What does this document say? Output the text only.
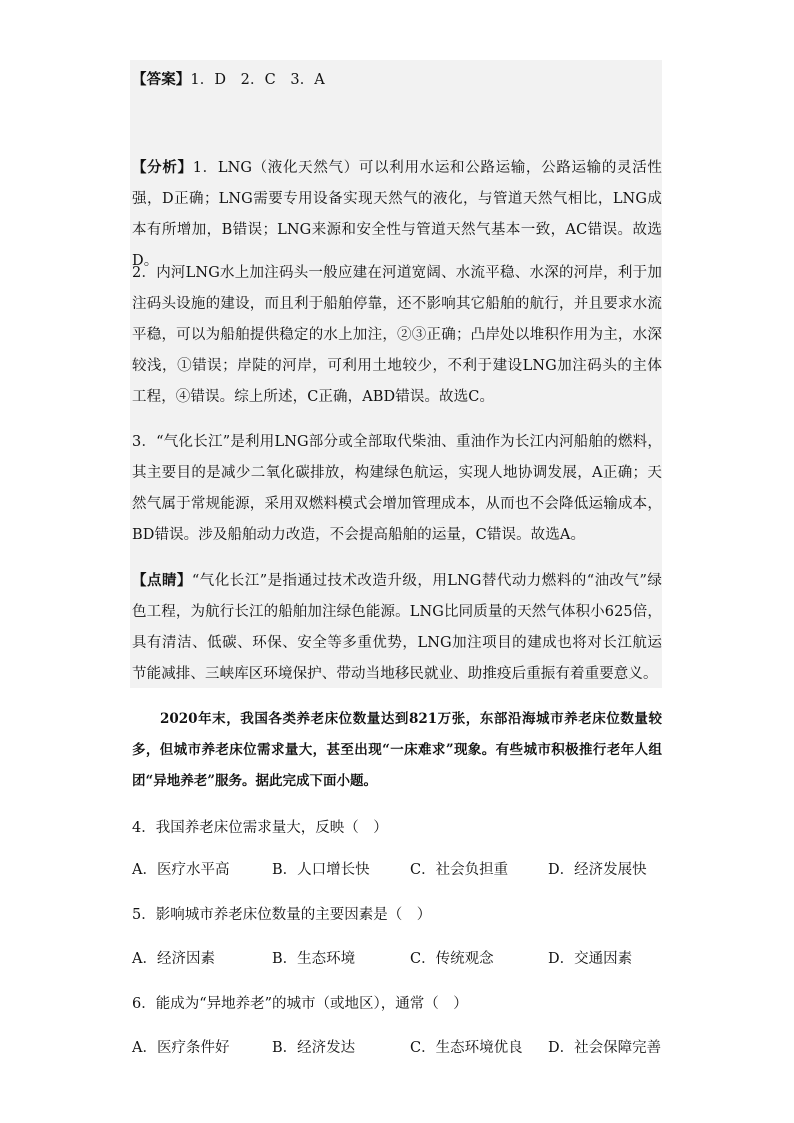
【答案】1．D　2．C　3．A

【分析】1．LNG（液化天然气）可以利用水运和公路运输，公路运输的灵活性强，D正确；LNG需要专用设备实现天然气的液化，与管道天然气相比，LNG成本有所增加，B错误；LNG来源和安全性与管道天然气基本一致，AC错误。故选D。

2．内河LNG水上加注码头一般应建在河道宽阔、水流平稳、水深的河岸，利于加注码头设施的建设，而且利于船舶停靠，还不影响其它船舶的航行，并且要求水流平稳，可以为船舶提供稳定的水上加注，②③正确；凸岸处以堆积作用为主，水深较浅，①错误；岸陡的河岸，可利用土地较少，不利于建设LNG加注码头的主体工程，④错误。综上所述，C正确，ABD错误。故选C。

3．“气化长江”是利用LNG部分或全部取代柴油、重油作为长江内河船舶的燃料，其主要目的是减少二氧化碳排放，构建绿色航运，实现人地协调发展，A正确；天然气属于常规能源，采用双燃料模式会增加管理成本，从而也不会降低运输成本，BD错误。涉及船舶动力改造，不会提高船舶的运量，C错误。故选A。

【点睛】“气化长江”是指通过技术改造升级，用LNG替代动力燃料的“油改气”绿色工程，为航行长江的船舶加注绿色能源。LNG比同质量的天然气体积小625倍，具有清洁、低碳、环保、安全等多重优势，LNG加注项目的建成也将对长江航运节能减排、三峡库区环境保护、带动当地移民就业、助推疫后重振有着重要意义。

2020年末，我国各类养老床位数量达到821万张，东部沿海城市养老床位数量较多，但城市养老床位需求量大，甚至出现“一床难求”现象。有些城市积极推行老年人组团“异地养老”服务。据此完成下面小题。
4．我国养老床位需求量大，反映（　）
A．医疗水平高	B．人口增长快	C．社会负担重	D．经济发展快
5．影响城市养老床位数量的主要因素是（　）
A．经济因素	B．生态环境	C．传统观念	D．交通因素
6．能成为“异地养老”的城市（或地区），通常（　）
A．医疗条件好	B．经济发达	C．生态环境优良 D．社会保障完善
